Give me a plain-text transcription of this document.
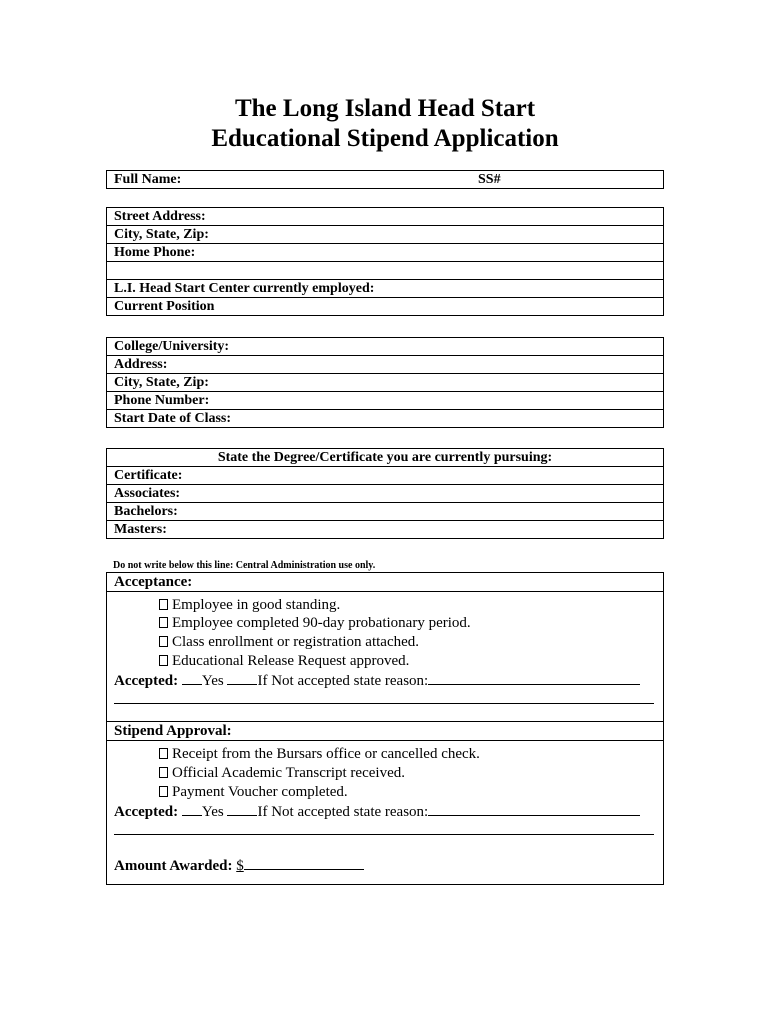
The Long Island Head Start
Educational Stipend Application
Full Name:	SS#
Street Address:
City, State, Zip:
Home Phone:
L.I. Head Start Center currently employed:
Current Position
College/University:
Address:
City, State, Zip:
Phone Number:
Start Date of Class:
State the Degree/Certificate you are currently pursuing:
Certificate:
Associates:
Bachelors:
Masters:
Do not write below this line: Central Administration use only.
Acceptance:
Employee in good standing.
Employee completed 90-day probationary period.
Class enrollment or registration attached.
Educational Release Request approved.
Accepted: Yes If Not accepted state reason:
Stipend Approval:
Receipt from the Bursars office or cancelled check.
Official Academic Transcript received.
Payment Voucher completed.
Accepted: Yes If Not accepted state reason:
Amount Awarded: $
